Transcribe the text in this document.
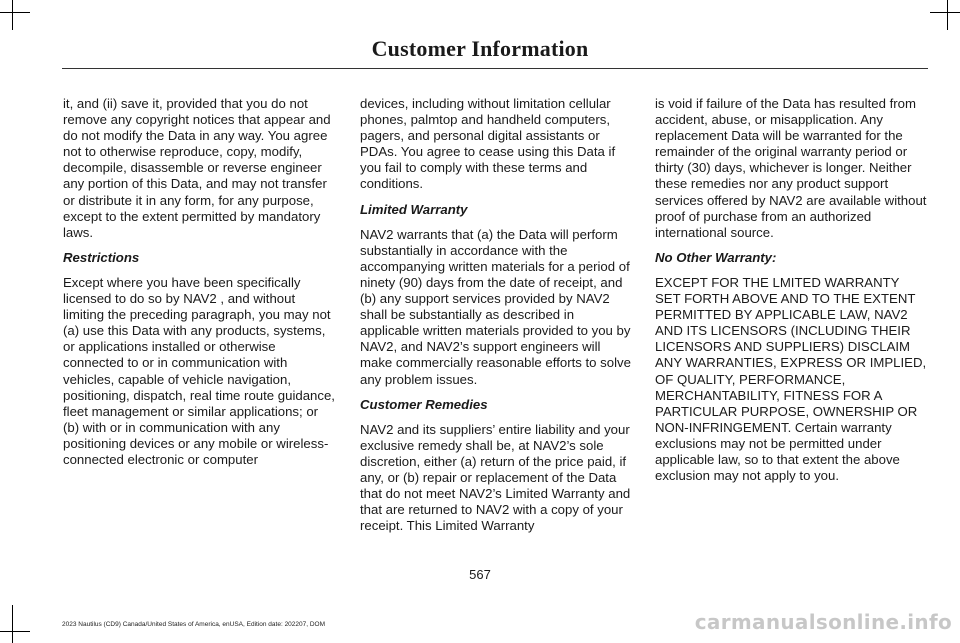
Customer Information

it, and (ii) save it, provided that you do not remove any copyright notices that appear and do not modify the Data in any way. You agree not to otherwise reproduce, copy, modify, decompile, disassemble or reverse engineer any portion of this Data, and may not transfer or distribute it in any form, for any purpose, except to the extent permitted by mandatory laws.

Restrictions

Except where you have been specifically licensed to do so by NAV2 , and without limiting the preceding paragraph, you may not (a) use this Data with any products, systems, or applications installed or otherwise connected to or in communication with vehicles, capable of vehicle navigation, positioning, dispatch, real time route guidance, fleet management or similar applications; or (b) with or in communication with any positioning devices or any mobile or wireless-connected electronic or computer

devices, including without limitation cellular phones, palmtop and handheld computers, pagers, and personal digital assistants or PDAs. You agree to cease using this Data if you fail to comply with these terms and conditions.

Limited Warranty

NAV2 warrants that (a) the Data will perform substantially in accordance with the accompanying written materials for a period of ninety (90) days from the date of receipt, and (b) any support services provided by NAV2 shall be substantially as described in applicable written materials provided to you by NAV2, and NAV2’s support engineers will make commercially reasonable efforts to solve any problem issues.

Customer Remedies

NAV2 and its suppliers’ entire liability and your exclusive remedy shall be, at NAV2’s sole discretion, either (a) return of the price paid, if any, or (b) repair or replacement of the Data that do not meet NAV2’s Limited Warranty and that are returned to NAV2 with a copy of your receipt. This Limited Warranty

is void if failure of the Data has resulted from accident, abuse, or misapplication. Any replacement Data will be warranted for the remainder of the original warranty period or thirty (30) days, whichever is longer. Neither these remedies nor any product support services offered by NAV2 are available without proof of purchase from an authorized international source.

No Other Warranty:

EXCEPT FOR THE LMITED WARRANTY SET FORTH ABOVE AND TO THE EXTENT PERMITTED BY APPLICABLE LAW, NAV2 AND ITS LICENSORS (INCLUDING THEIR LICENSORS AND SUPPLIERS) DISCLAIM ANY WARRANTIES, EXPRESS OR IMPLIED, OF QUALITY, PERFORMANCE, MERCHANTABILITY, FITNESS FOR A PARTICULAR PURPOSE, OWNERSHIP OR NON-INFRINGEMENT. Certain warranty exclusions may not be permitted under applicable law, so to that extent the above exclusion may not apply to you.

567
2023 Nautilus (CD9) Canada/United States of America, enUSA, Edition date: 202207, DOM	carmanualsonline.info
